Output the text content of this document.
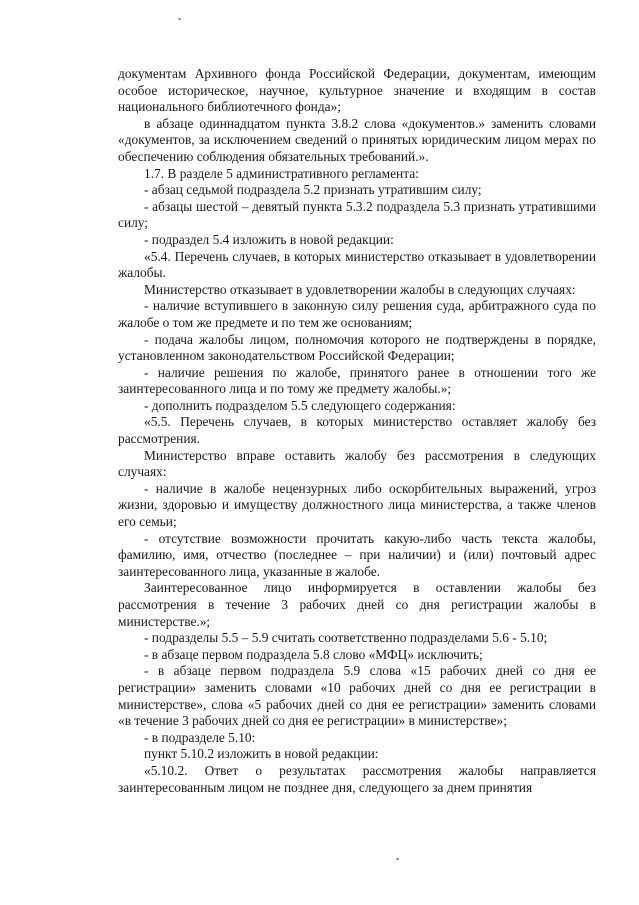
документам Архивного фонда Российской Федерации, документам, имеющим особое историческое, научное, культурное значение и входящим в состав национального библиотечного фонда»;

в абзаце одиннадцатом пункта 3.8.2 слова «документов.» заменить словами «документов, за исключением сведений о принятых юридическим лицом мерах по обеспечению соблюдения обязательных требований.».

1.7. В разделе 5 административного регламента:

- абзац седьмой подраздела 5.2 признать утратившим силу;

- абзацы шестой – девятый пункта 5.3.2 подраздела 5.3 признать утратившими силу;

- подраздел 5.4 изложить в новой редакции:

«5.4. Перечень случаев, в которых министерство отказывает в удовлетворении жалобы.

Министерство отказывает в удовлетворении жалобы в следующих случаях:

- наличие вступившего в законную силу решения суда, арбитражного суда по жалобе о том же предмете и по тем же основаниям;

- подача жалобы лицом, полномочия которого не подтверждены в порядке, установленном законодательством Российской Федерации;

- наличие решения по жалобе, принятого ранее в отношении того же заинтересованного лица и по тому же предмету жалобы.»;

- дополнить подразделом 5.5 следующего содержания:

«5.5. Перечень случаев, в которых министерство оставляет жалобу без рассмотрения.

Министерство вправе оставить жалобу без рассмотрения в следующих случаях:

- наличие в жалобе нецензурных либо оскорбительных выражений, угроз жизни, здоровью и имуществу должностного лица министерства, а также членов его семьи;

- отсутствие возможности прочитать какую-либо часть текста жалобы, фамилию, имя, отчество (последнее – при наличии) и (или) почтовый адрес заинтересованного лица, указанные в жалобе.

Заинтересованное лицо информируется в оставлении жалобы без рассмотрения в течение 3 рабочих дней со дня регистрации жалобы в министерстве.»;

- подразделы 5.5 – 5.9 считать соответственно подразделами 5.6 - 5.10;

- в абзаце первом подраздела 5.8 слово «МФЦ» исключить;

- в абзаце первом подраздела 5.9 слова «15 рабочих дней со дня ее регистрации» заменить словами «10 рабочих дней со дня ее регистрации в министерстве», слова «5 рабочих дней со дня ее регистрации» заменить словами «в течение 3 рабочих дней со дня ее регистрации» в министерстве»;

- в подразделе 5.10:

пункт 5.10.2 изложить в новой редакции:

«5.10.2. Ответ о результатах рассмотрения жалобы направляется заинтересованным лицом не позднее дня, следующего за днем принятия
